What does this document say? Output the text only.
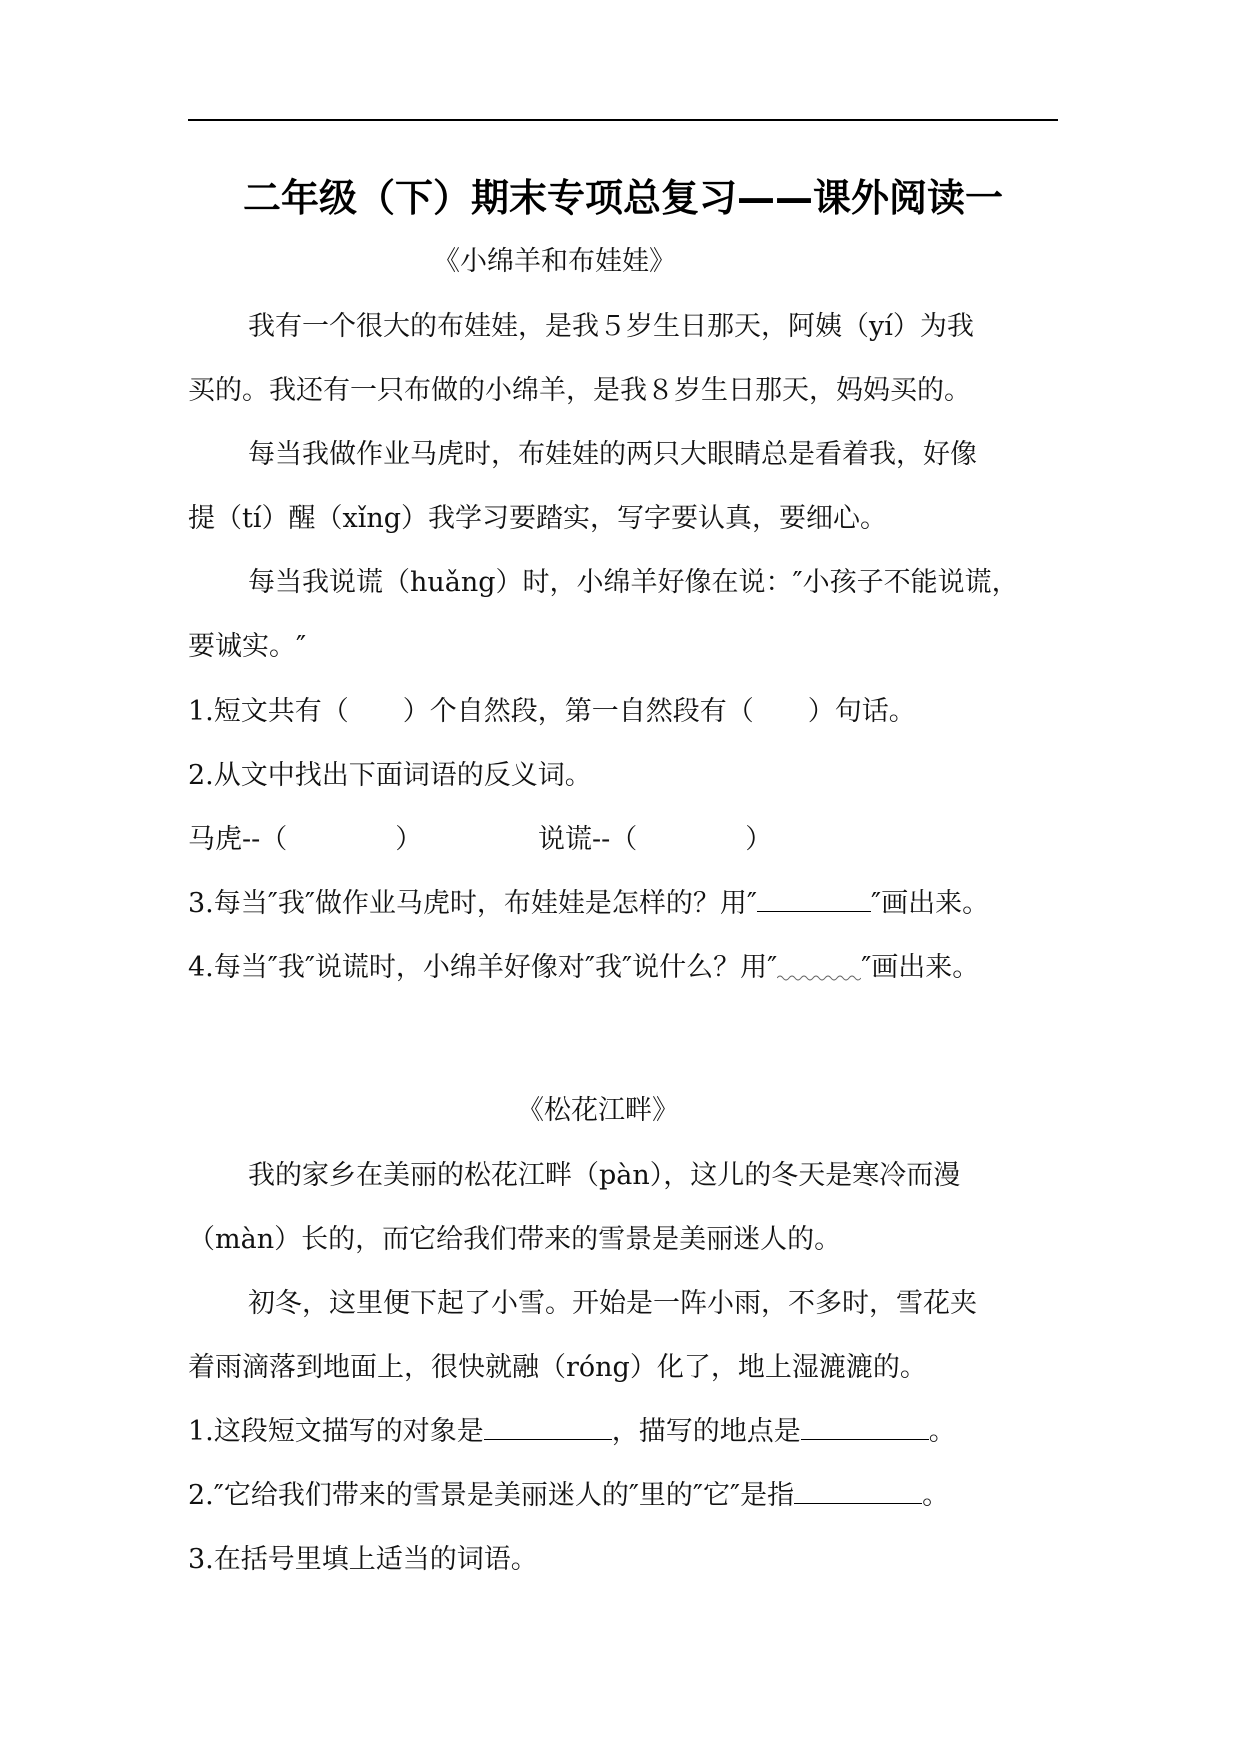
二年级（下）期末专项总复习——课外阅读一
《小绵羊和布娃娃》
我有一个很大的布娃娃，是我５岁生日那天，阿姨（yí）为我
买的。我还有一只布做的小绵羊，是我８岁生日那天，妈妈买的。
每当我做作业马虎时，布娃娃的两只大眼睛总是看着我，好像
提（tí）醒（xǐng）我学习要踏实，写字要认真，要细心。
每当我说谎（huǎng）时，小绵羊好像在说：″小孩子不能说谎，
要诚实。″
1.短文共有（ ）个自然段，第一自然段有（ ）句话。
2.从文中找出下面词语的反义词。
马虎--（	）	说谎--（	）
3.每当″我″做作业马虎时，布娃娃是怎样的？用″	″画出来。
4.每当″我″说谎时，小绵羊好像对″我″说什么？用″	″画出来。
《松花江畔》
我的家乡在美丽的松花江畔（pàn），这儿的冬天是寒冷而漫
（màn）长的，而它给我们带来的雪景是美丽迷人的。
初冬，这里便下起了小雪。开始是一阵小雨，不多时，雪花夹
着雨滴落到地面上，很快就融（róng）化了，地上湿漉漉的。
1.这段短文描写的对象是	，描写的地点是	。
2.″它给我们带来的雪景是美丽迷人的″里的″它″是指	。
3.在括号里填上适当的词语。
